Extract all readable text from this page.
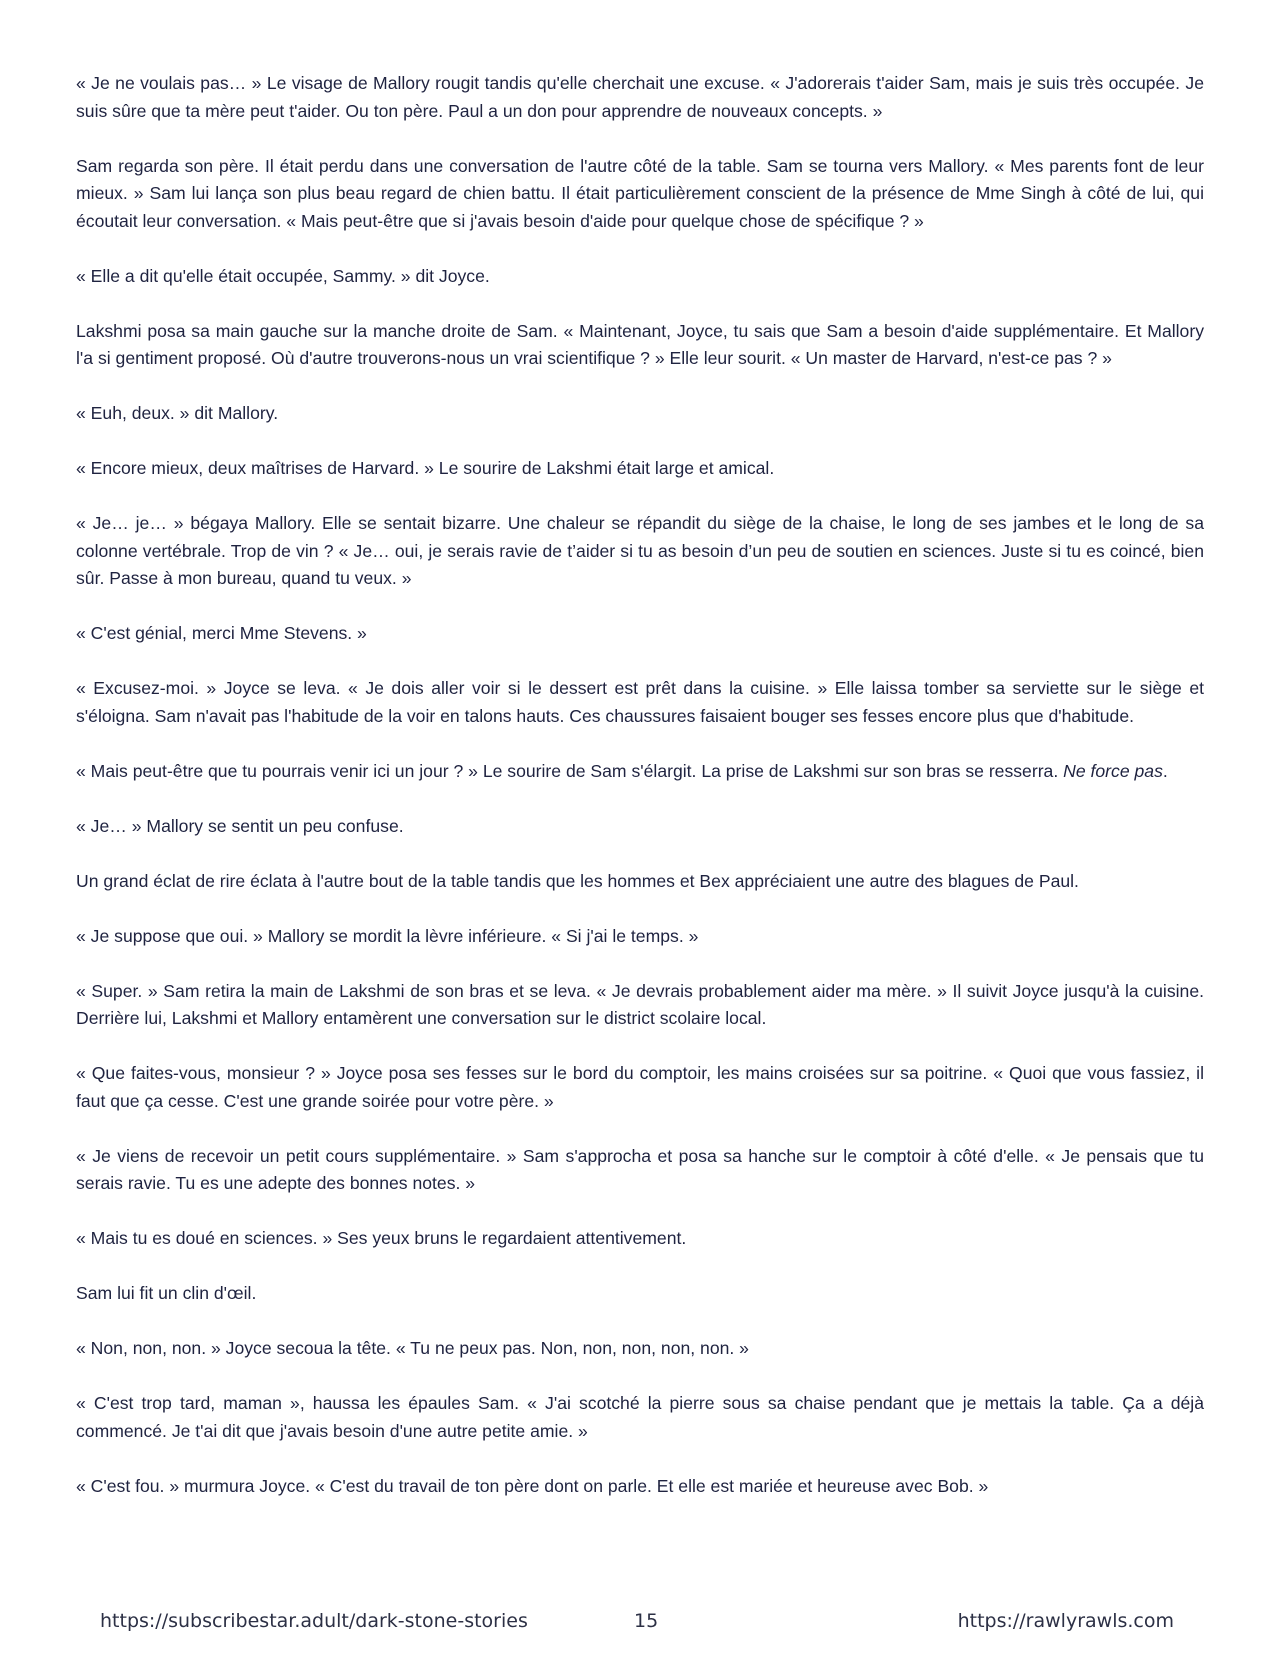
« Je ne voulais pas… » Le visage de Mallory rougit tandis qu'elle cherchait une excuse. « J'adorerais t'aider Sam, mais je suis très occupée. Je suis sûre que ta mère peut t'aider. Ou ton père. Paul a un don pour apprendre de nouveaux concepts. »

Sam regarda son père. Il était perdu dans une conversation de l'autre côté de la table. Sam se tourna vers Mallory. « Mes parents font de leur mieux. » Sam lui lança son plus beau regard de chien battu. Il était particulièrement conscient de la présence de Mme Singh à côté de lui, qui écoutait leur conversation. « Mais peut-être que si j'avais besoin d'aide pour quelque chose de spécifique ? »

« Elle a dit qu'elle était occupée, Sammy. » dit Joyce.

Lakshmi posa sa main gauche sur la manche droite de Sam. « Maintenant, Joyce, tu sais que Sam a besoin d'aide supplémentaire. Et Mallory l'a si gentiment proposé. Où d'autre trouverons-nous un vrai scientifique ? » Elle leur sourit. « Un master de Harvard, n'est-ce pas ? »

« Euh, deux. » dit Mallory.

« Encore mieux, deux maîtrises de Harvard. » Le sourire de Lakshmi était large et amical.

« Je… je… » bégaya Mallory. Elle se sentait bizarre. Une chaleur se répandit du siège de la chaise, le long de ses jambes et le long de sa colonne vertébrale. Trop de vin ? « Je… oui, je serais ravie de t’aider si tu as besoin d’un peu de soutien en sciences. Juste si tu es coincé, bien sûr. Passe à mon bureau, quand tu veux. »

« C'est génial, merci Mme Stevens. »

« Excusez-moi. » Joyce se leva. « Je dois aller voir si le dessert est prêt dans la cuisine. » Elle laissa tomber sa serviette sur le siège et s'éloigna. Sam n'avait pas l'habitude de la voir en talons hauts. Ces chaussures faisaient bouger ses fesses encore plus que d'habitude.

« Mais peut-être que tu pourrais venir ici un jour ? » Le sourire de Sam s'élargit. La prise de Lakshmi sur son bras se resserra. Ne force pas.

« Je… » Mallory se sentit un peu confuse.

Un grand éclat de rire éclata à l'autre bout de la table tandis que les hommes et Bex appréciaient une autre des blagues de Paul.

« Je suppose que oui. » Mallory se mordit la lèvre inférieure. « Si j'ai le temps. »

« Super. » Sam retira la main de Lakshmi de son bras et se leva. « Je devrais probablement aider ma mère. » Il suivit Joyce jusqu'à la cuisine. Derrière lui, Lakshmi et Mallory entamèrent une conversation sur le district scolaire local.

« Que faites-vous, monsieur ? » Joyce posa ses fesses sur le bord du comptoir, les mains croisées sur sa poitrine. « Quoi que vous fassiez, il faut que ça cesse. C'est une grande soirée pour votre père. »

« Je viens de recevoir un petit cours supplémentaire. » Sam s'approcha et posa sa hanche sur le comptoir à côté d'elle. « Je pensais que tu serais ravie. Tu es une adepte des bonnes notes. »

« Mais tu es doué en sciences. » Ses yeux bruns le regardaient attentivement.

Sam lui fit un clin d'œil.

« Non, non, non. » Joyce secoua la tête. « Tu ne peux pas. Non, non, non, non, non. »

« C'est trop tard, maman », haussa les épaules Sam. « J'ai scotché la pierre sous sa chaise pendant que je mettais la table. Ça a déjà commencé. Je t'ai dit que j'avais besoin d'une autre petite amie. »

« C'est fou. » murmura Joyce. « C'est du travail de ton père dont on parle. Et elle est mariée et heureuse avec Bob. »

https://subscribestar.adult/dark-stone-stories	15	https://rawlyrawls.com
